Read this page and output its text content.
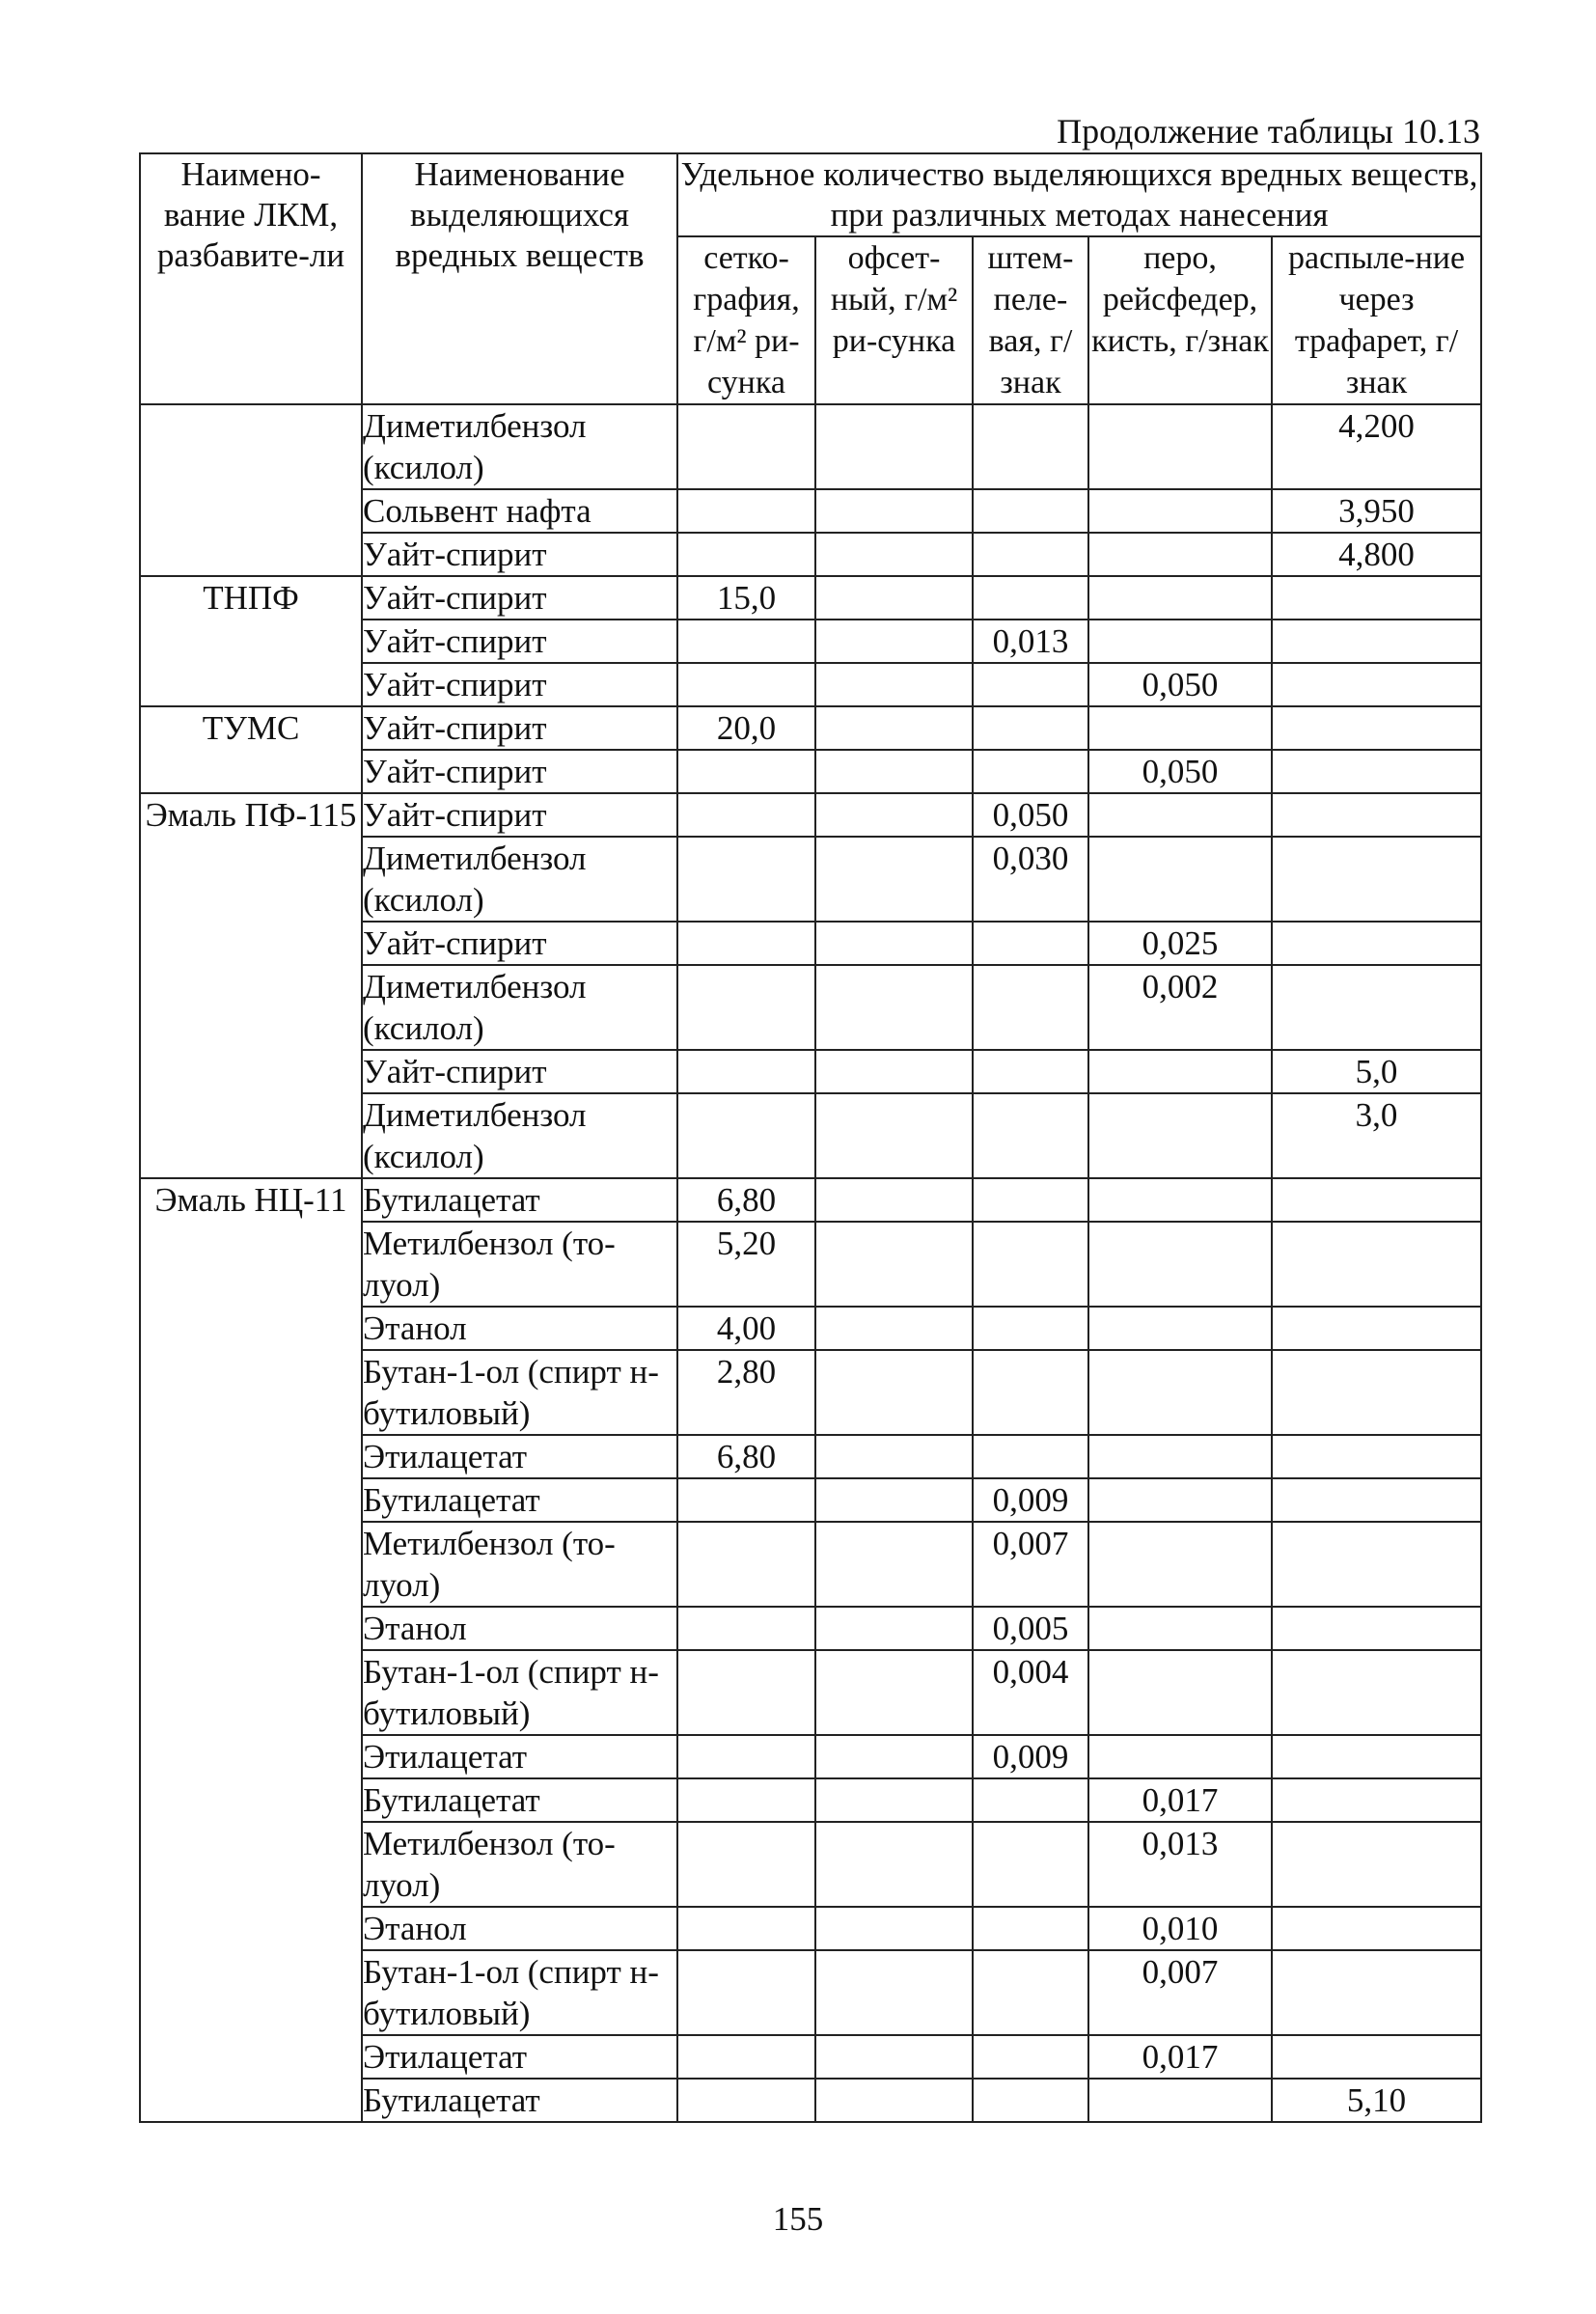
Продолжение таблицы 10.13
Наимено-вание ЛКМ, разбавите-ли	Наименование выделяющихся вредных веществ	Удельное количество выделяющихся вредных веществ, при различных методах нанесения				
		сетко-графия, г/м² ри-сунка	офсет-ный, г/м² ри-сунка	штем-пеле-вая, г/знак	перо, рейсфедер, кисть, г/знак	распыле-ние через трафарет, г/знак
	Диметилбензол (ксилол)					4,200
	Сольвент нафта					3,950
	Уайт-спирит					4,800
ТНПФ	Уайт-спирит	15,0				
	Уайт-спирит			0,013		
	Уайт-спирит				0,050	
ТУМС	Уайт-спирит	20,0				
	Уайт-спирит				0,050	
Эмаль ПФ-115	Уайт-спирит			0,050		
	Диметилбензол (ксилол)			0,030		
	Уайт-спирит				0,025	
	Диметилбензол (ксилол)				0,002	
	Уайт-спирит					5,0
	Диметилбензол (ксилол)					3,0
Эмаль НЦ-11	Бутилацетат	6,80				
	Метилбензол (то-луол)	5,20				
	Этанол	4,00				
	Бутан-1-ол (спирт н-бутиловый)	2,80				
	Этилацетат	6,80				
	Бутилацетат			0,009		
	Метилбензол (то-луол)			0,007		
	Этанол			0,005		
	Бутан-1-ол (спирт н-бутиловый)			0,004		
	Этилацетат			0,009		
	Бутилацетат				0,017	
	Метилбензол (то-луол)				0,013	
	Этанол				0,010	
	Бутан-1-ол (спирт н-бутиловый)				0,007	
	Этилацетат				0,017	
	Бутилацетат					5,10
155
